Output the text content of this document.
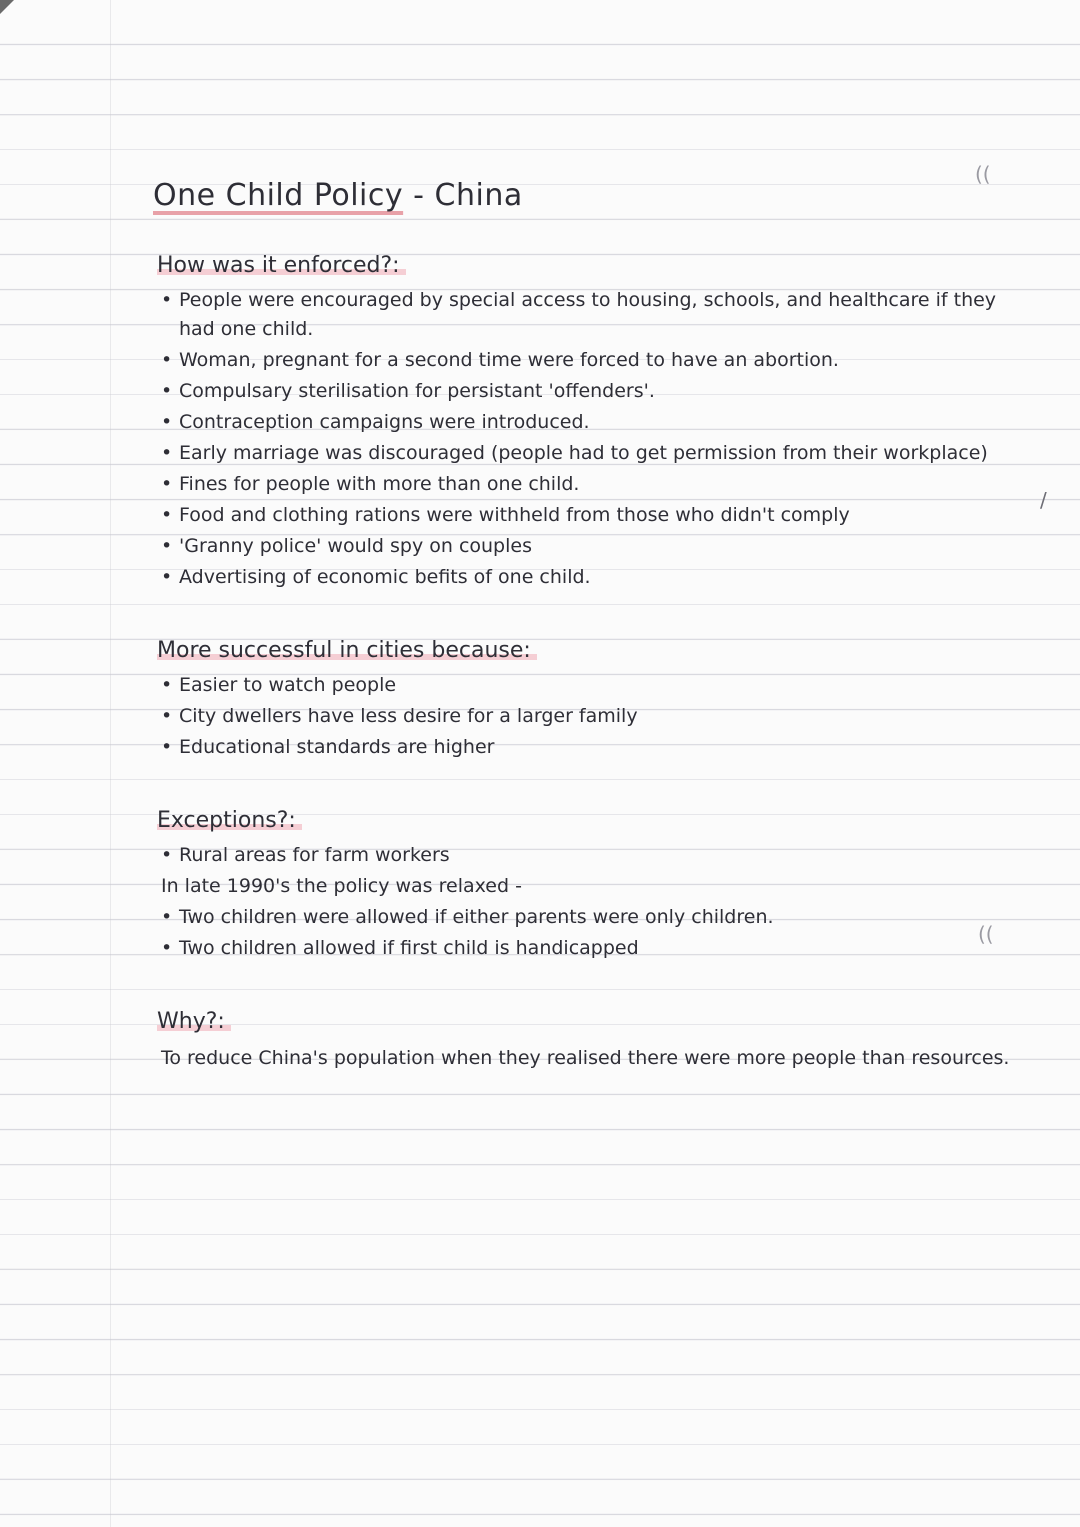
((
/
((
One Child Policy - China
How was it enforced?:
• People were encouraged by special access to housing, schools, and healthcare if they had one child.
• Woman, pregnant for a second time were forced to have an abortion.
• Compulsary sterilisation for persistant 'offenders'.
• Contraception campaigns were introduced.
• Early marriage was discouraged (people had to get permission from their workplace)
• Fines for people with more than one child.
• Food and clothing rations were withheld from those who didn't comply
• 'Granny police' would spy on couples
• Advertising of economic befits of one child.
More successful in cities because:
• Easier to watch people
• City dwellers have less desire for a larger family
• Educational standards are higher
Exceptions?:
• Rural areas for farm workers
In late 1990's the policy was relaxed -
• Two children were allowed if either parents were only children.
• Two children allowed if first child is handicapped
Why?:
To reduce China's population when they realised there were more people than resources.
